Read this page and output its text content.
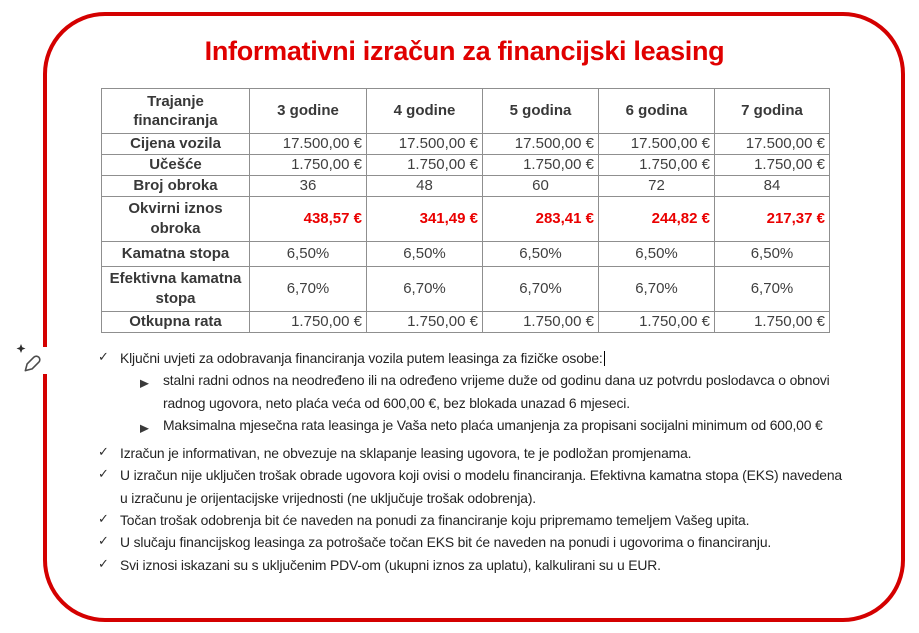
Informativni izračun za financijski leasing
Trajanje financiranja	3 godine	4 godine	5 godina	6 godina	7 godina
Cijena vozila	17.500,00 €	17.500,00 €	17.500,00 €	17.500,00 €	17.500,00 €
Učešće	1.750,00 €	1.750,00 €	1.750,00 €	1.750,00 €	1.750,00 €
Broj obroka	36	48	60	72	84
Okvirni iznos obroka	438,57 €	341,49 €	283,41 €	244,82 €	217,37 €
Kamatna stopa	6,50%	6,50%	6,50%	6,50%	6,50%
Efektivna kamatna stopa	6,70%	6,70%	6,70%	6,70%	6,70%
Otkupna rata	1.750,00 €	1.750,00 €	1.750,00 €	1.750,00 €	1.750,00 €
✓ Ključni uvjeti za odobravanja financiranja vozila putem leasinga za fizičke osobe:
stalni radni odnos na neodređeno ili na određeno vrijeme duže od godinu dana uz potvrdu poslodavca o obnovi radnog ugovora, neto plaća veća od 600,00 €, bez blokada unazad 6 mjeseci.
Maksimalna mjesečna rata leasinga je Vaša neto plaća umanjenja za propisani socijalni minimum od 600,00 €
✓ Izračun je informativan, ne obvezuje na sklapanje leasing ugovora, te je podložan promjenama.
✓ U izračun nije uključen trošak obrade ugovora koji ovisi o modelu financiranja. Efektivna kamatna stopa (EKS) navedena u izračunu je orijentacijske vrijednosti (ne uključuje trošak odobrenja).
✓ Točan trošak odobrenja bit će naveden na ponudi za financiranje koju pripremamo temeljem Vašeg upita.
✓ U slučaju financijskog leasinga za potrošače točan EKS bit će naveden na ponudi i ugovorima o financiranju.
✓ Svi iznosi iskazani su s uključenim PDV-om (ukupni iznos za uplatu), kalkulirani su u EUR.
